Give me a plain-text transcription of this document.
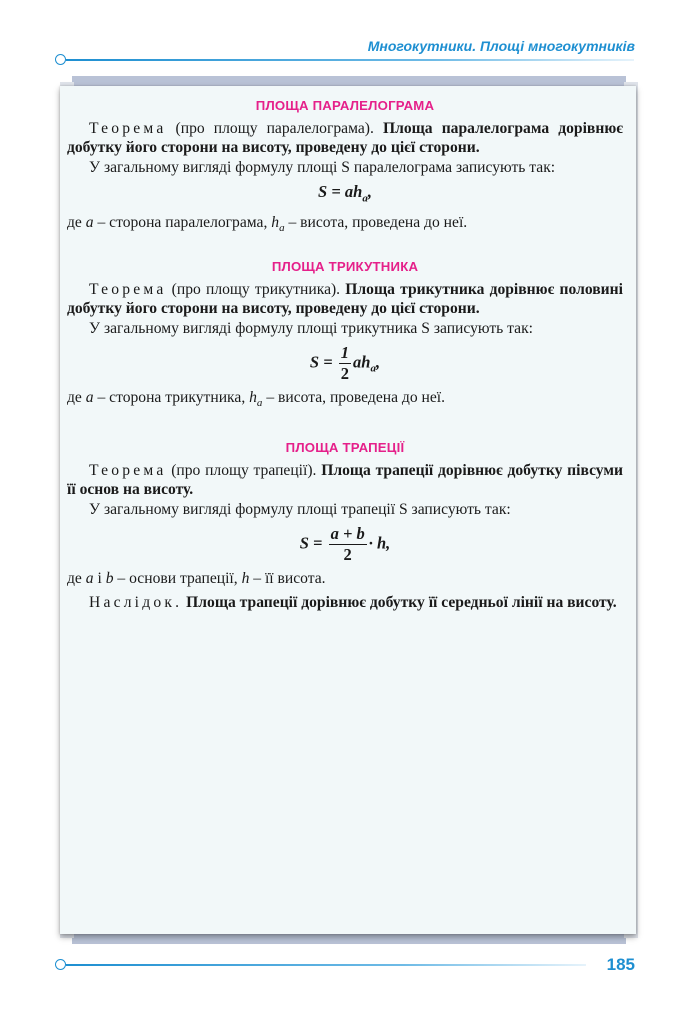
Многокутники. Площі многокутників
ПЛОЩА ПАРАЛЕЛОГРАМА

Теорема (про площу паралелограма). Площа паралелограма дорівнює добутку його сторони на висоту, проведену до цієї сторони.

У загальному вигляді формулу площі S паралелограма записують так:

$S = ah_a$,

де a – сторона паралелограма, $h_a$ – висота, проведена до неї.

ПЛОЩА ТРИКУТНИКА

Теорема (про площу трикутника). Площа трикутника дорівнює половині добутку його сторони на висоту, проведену до цієї сторони.

У загальному вигляді формулу площі трикутника S записують так:

$S = \frac{1}{2} ah_a$,

де a – сторона трикутника, $h_a$ – висота, проведена до неї.

ПЛОЩА ТРАПЕЦІЇ

Теорема (про площу трапеції). Площа трапеції дорівнює добутку півсуми її основ на висоту.

У загальному вигляді формулу площі трапеції S записують так:

$S = \frac{a + b}{2} \cdot h$,

де a і b – основи трапеції, h – її висота.

Наслідок. Площа трапеції дорівнює добутку її середньої лінії на висоту.

185
